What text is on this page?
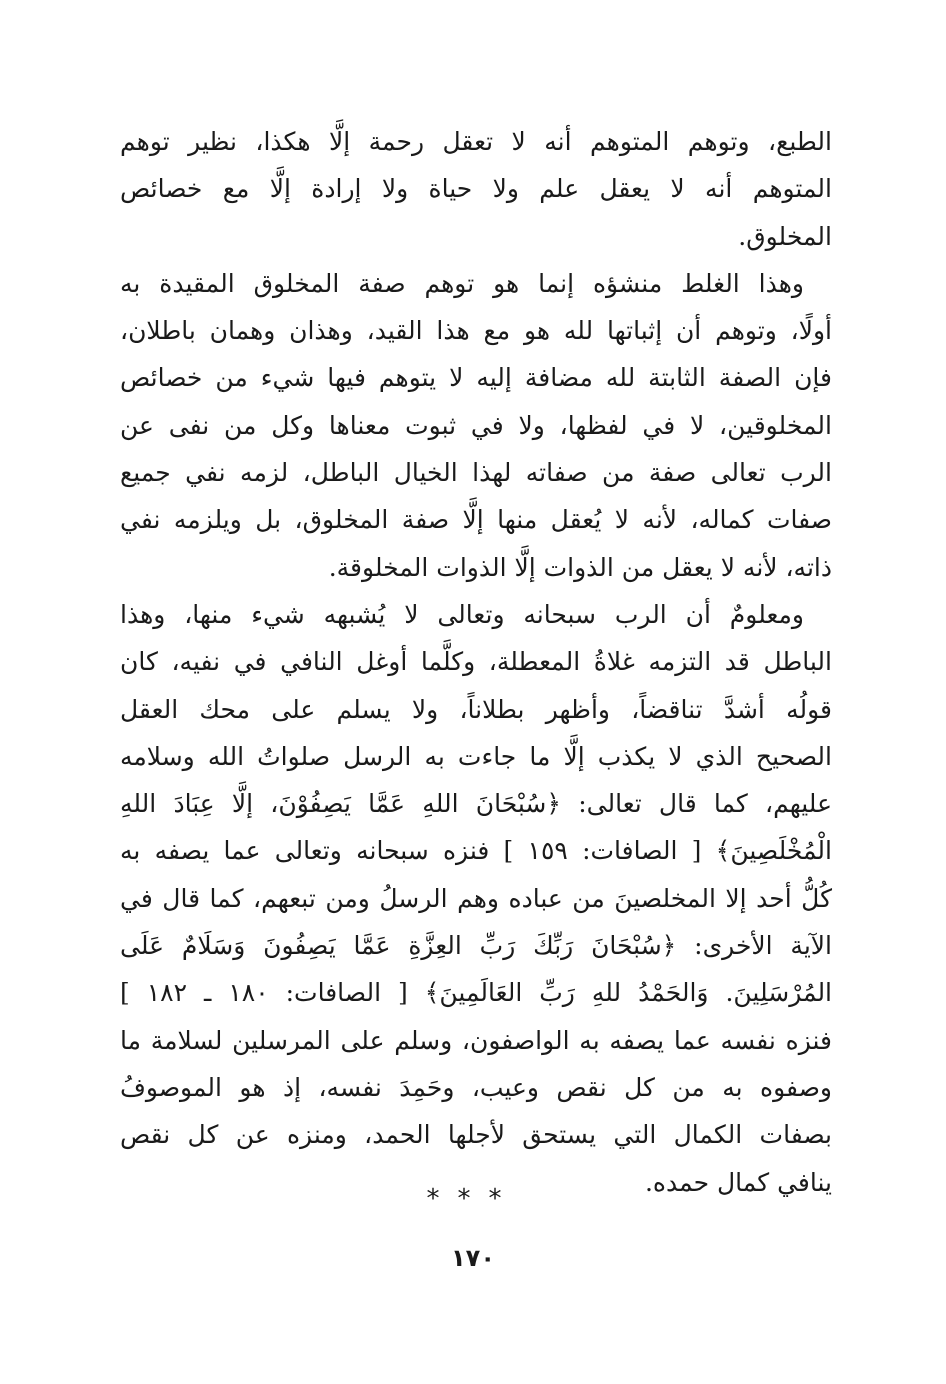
الطبع، وتوهم المتوهم أنه لا تعقل رحمة إلَّا هكذا، نظير توهم
المتوهم أنه لا يعقل علم ولا حياة ولا إرادة إلَّا مع خصائص
المخلوق.
وهذا الغلط منشؤه إنما هو توهم صفة المخلوق المقيدة به
أولًا، وتوهم أن إثباتها لله هو مع هذا القيد، وهذان وهمان باطلان،
فإن الصفة الثابتة لله مضافة إليه لا يتوهم فيها شيء من خصائص
المخلوقين، لا في لفظها، ولا في ثبوت معناها وكل من نفى عن
الرب تعالى صفة من صفاته لهذا الخيال الباطل، لزمه نفي جميع
صفات كماله، لأنه لا يُعقل منها إلَّا صفة المخلوق، بل ويلزمه نفي
ذاته، لأنه لا يعقل من الذوات إلَّا الذوات المخلوقة.
ومعلومٌ أن الرب سبحانه وتعالى لا يُشبهه شيء منها، وهذا
الباطل قد التزمه غلاةُ المعطلة، وكلَّما أوغل النافي في نفيه، كان
قولُه أشدَّ تناقضاً، وأظهر بطلاناً، ولا يسلم على محك العقل
الصحيح الذي لا يكذب إلَّا ما جاءت به الرسل صلواتُ الله وسلامه
عليهم، كما قال تعالى: ﴿سُبْحَانَ اللهِ عَمَّا يَصِفُوْنَ، إلَّا عِبَادَ اللهِ
الْمُخْلَصِينَ﴾ [ الصافات: ١٥٩ ] فنزه سبحانه وتعالى عما يصفه به
كُلُّ أحد إلا المخلصينَ من عباده وهم الرسلُ ومن تبعهم، كما قال في
الآية الأخرى: ﴿سُبْحَانَ رَبِّكَ رَبِّ العِزَّةِ عَمَّا يَصِفُونَ وَسَلَامٌ عَلَى
المُرْسَلِينَ. وَالحَمْدُ للهِ رَبِّ العَالَمِينَ﴾ [ الصافات: ١٨٠ ـ ١٨٢ ]
فنزه نفسه عما يصفه به الواصفون، وسلم على المرسلين لسلامة ما
وصفوه به من كل نقص وعيب، وحَمِدَ نفسه، إذ هو الموصوفُ
بصفات الكمال التي يستحق لأجلها الحمد، ومنزه عن كل نقص
ينافي كمال حمده.
***
١٧٠
